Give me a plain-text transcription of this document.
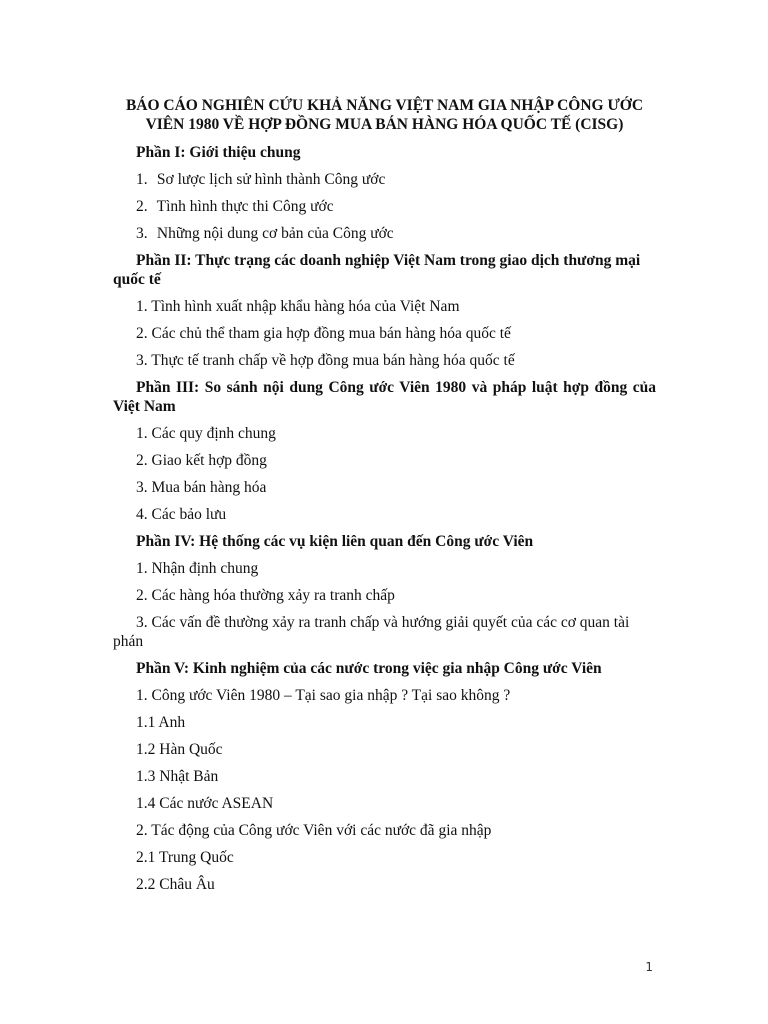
BÁO CÁO NGHIÊN CỨU KHẢ NĂNG VIỆT NAM GIA NHẬP CÔNG ƯỚC VIÊN 1980 VỀ HỢP ĐỒNG MUA BÁN HÀNG HÓA QUỐC TẾ (CISG)
Phần I: Giới thiệu chung
1. Sơ lược lịch sử hình thành Công ước
2. Tình hình thực thi Công ước
3. Những nội dung cơ bản của Công ước
Phần II: Thực trạng các doanh nghiệp Việt Nam trong giao dịch thương mại quốc tế
1. Tình hình xuất nhập khẩu hàng hóa của Việt Nam
2. Các chủ thể tham gia hợp đồng mua bán hàng hóa quốc tế
3. Thực tế tranh chấp về hợp đồng mua bán hàng hóa quốc tế
Phần III: So sánh nội dung Công ước Viên 1980 và pháp luật hợp đồng của Việt Nam
1. Các quy định chung
2. Giao kết hợp đồng
3. Mua bán hàng hóa
4. Các bảo lưu
Phần IV: Hệ thống các vụ kiện liên quan đến Công ước Viên
1. Nhận định chung
2. Các hàng hóa thường xảy ra tranh chấp
3. Các vấn đề thường xảy ra tranh chấp và hướng giải quyết của các cơ quan tài phán
Phần V: Kinh nghiệm của các nước trong việc gia nhập Công ước Viên
1. Công ước Viên 1980 – Tại sao gia nhập ? Tại sao không ?
1.1 Anh
1.2 Hàn Quốc
1.3 Nhật Bản
1.4 Các nước ASEAN
2. Tác động của Công ước Viên với các nước đã gia nhập
2.1 Trung Quốc
2.2 Châu Âu
1
